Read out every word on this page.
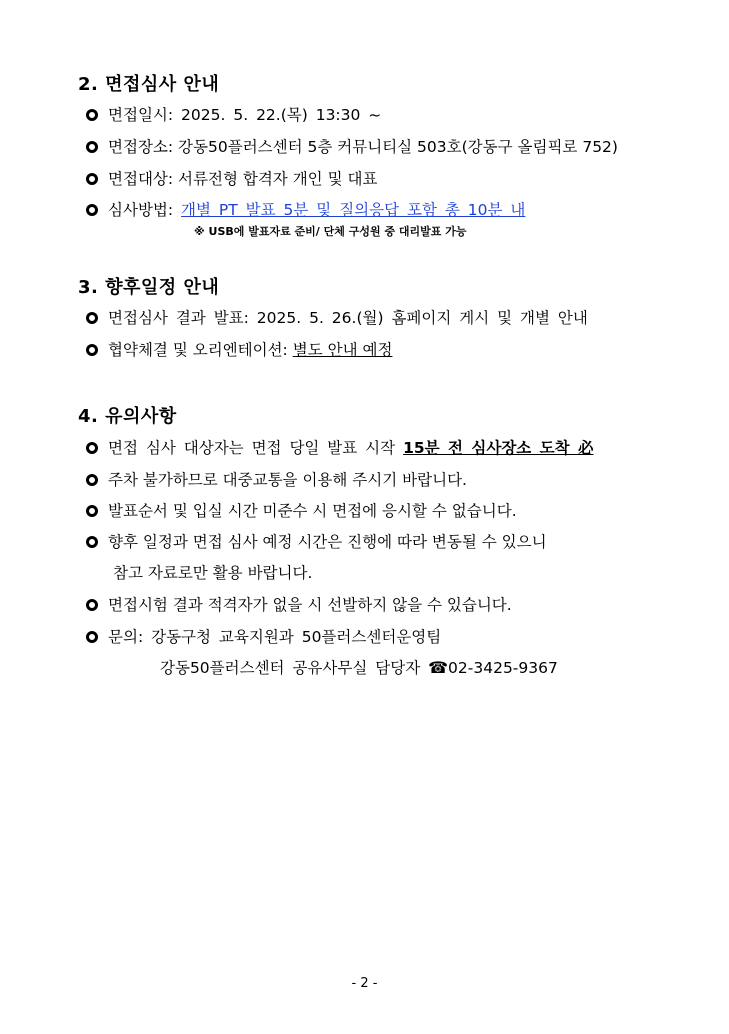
2. 면접심사 안내
면접일시: 2025. 5. 22.(목) 13:30 ~
면접장소: 강동50플러스센터 5층 커뮤니티실 503호(강동구 올림픽로 752)
면접대상: 서류전형 합격자 개인 및 대표
심사방법: 개별 PT 발표 5분 및 질의응답 포함 총 10분 내
※ USB에 발표자료 준비/ 단체 구성원 중 대리발표 가능
3. 향후일정 안내
면접심사 결과 발표: 2025. 5. 26.(월) 홈페이지 게시 및 개별 안내
협약체결 및 오리엔테이션: 별도 안내 예정
4. 유의사항
면접 심사 대상자는 면접 당일 발표 시작 15분 전 심사장소 도착 必
주차 불가하므로 대중교통을 이용해 주시기 바랍니다.
발표순서 및 입실 시간 미준수 시 면접에 응시할 수 없습니다.
향후 일정과 면접 심사 예정 시간은 진행에 따라 변동될 수 있으니
참고 자료로만 활용 바랍니다.
면접시험 결과 적격자가 없을 시 선발하지 않을 수 있습니다.
문의: 강동구청 교육지원과 50플러스센터운영팀
강동50플러스센터 공유사무실 담당자 ☎02-3425-9367
- 2 -
